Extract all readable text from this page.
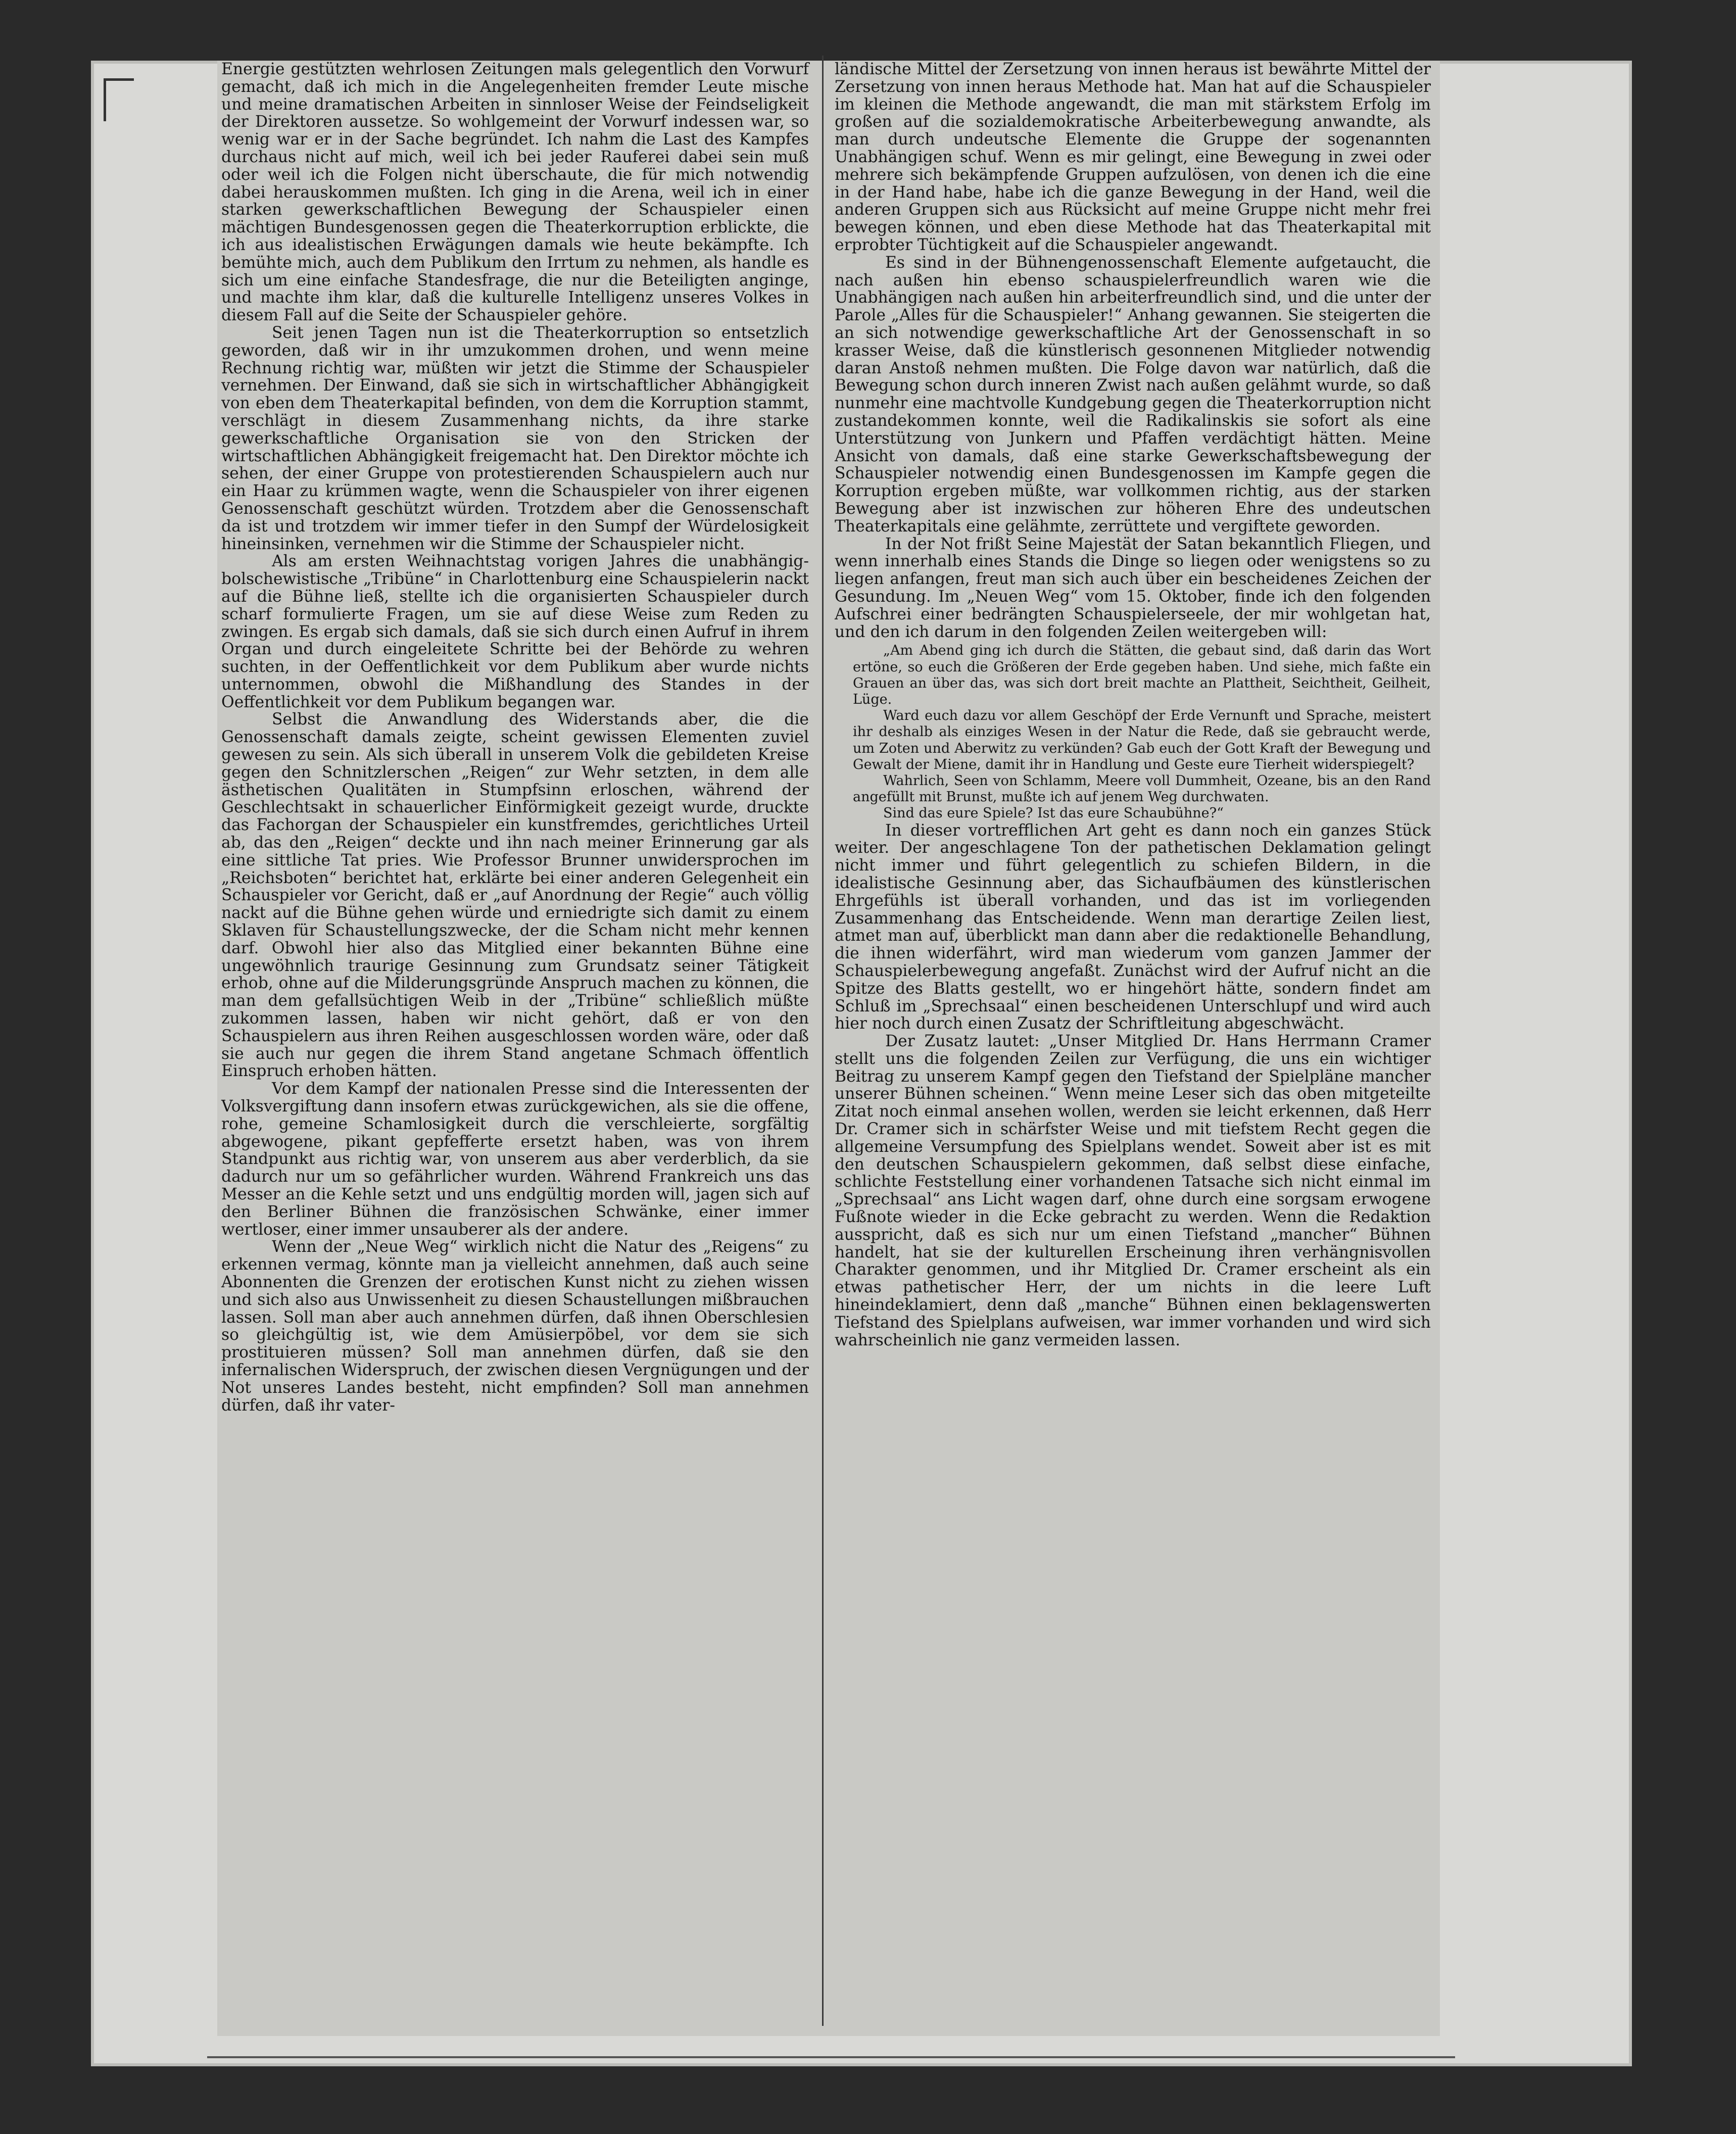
Energie gestützten wehrlosen Zeitungen mals gelegentlich den Vorwurf gemacht, daß ich mich in die Angelegenheiten fremder Leute mische und meine dramatischen Arbeiten in sinnloser Weise der Feindseligkeit der Direktoren aussetze. So wohlgemeint der Vorwurf indessen war, so wenig war er in der Sache begründet. Ich nahm die Last des Kampfes durchaus nicht auf mich, weil ich bei jeder Rauferei dabei sein muß oder weil ich die Folgen nicht überschaute, die für mich notwendig dabei herauskommen mußten. Ich ging in die Arena, weil ich in einer starken gewerkschaftlichen Bewegung der Schauspieler einen mächtigen Bundesgenossen gegen die Theaterkorruption erblickte, die ich aus idealistischen Erwägungen damals wie heute bekämpfte. Ich bemühte mich, auch dem Publikum den Irrtum zu nehmen, als handle es sich um eine einfache Standesfrage, die nur die Beteiligten anginge, und machte ihm klar, daß die kulturelle Intelligenz unseres Volkes in diesem Fall auf die Seite der Schauspieler gehöre.

Seit jenen Tagen nun ist die Theaterkorruption so entsetzlich geworden, daß wir in ihr umzukommen drohen, und wenn meine Rechnung richtig war, müßten wir jetzt die Stimme der Schauspieler vernehmen. Der Einwand, daß sie sich in wirtschaftlicher Abhängigkeit von eben dem Theaterkapital befinden, von dem die Korruption stammt, verschlägt in diesem Zusammenhang nichts, da ihre starke gewerkschaftliche Organisation sie von den Stricken der wirtschaftlichen Abhängigkeit freigemacht hat. Den Direktor möchte ich sehen, der einer Gruppe von protestierenden Schauspielern auch nur ein Haar zu krümmen wagte, wenn die Schauspieler von ihrer eigenen Genossenschaft geschützt würden. Trotzdem aber die Genossenschaft da ist und trotzdem wir immer tiefer in den Sumpf der Würdelosigkeit hineinsinken, vernehmen wir die Stimme der Schauspieler nicht.

Als am ersten Weihnachtstag vorigen Jahres die unabhängig-bolschewistische „Tribüne“ in Charlottenburg eine Schauspielerin nackt auf die Bühne ließ, stellte ich die organisierten Schauspieler durch scharf formulierte Fragen, um sie auf diese Weise zum Reden zu zwingen. Es ergab sich damals, daß sie sich durch einen Aufruf in ihrem Organ und durch eingeleitete Schritte bei der Behörde zu wehren suchten, in der Oeffentlichkeit vor dem Publikum aber wurde nichts unternommen, obwohl die Mißhandlung des Standes in der Oeffentlichkeit vor dem Publikum begangen war.

Selbst die Anwandlung des Widerstands aber, die die Genossenschaft damals zeigte, scheint gewissen Elementen zuviel gewesen zu sein. Als sich überall in unserem Volk die gebildeten Kreise gegen den Schnitzlerschen „Reigen“ zur Wehr setzten, in dem alle ästhetischen Qualitäten in Stumpfsinn erloschen, während der Geschlechtsakt in schauerlicher Einförmigkeit gezeigt wurde, druckte das Fachorgan der Schauspieler ein kunstfremdes, gerichtliches Urteil ab, das den „Reigen“ deckte und ihn nach meiner Erinnerung gar als eine sittliche Tat pries. Wie Professor Brunner unwidersprochen im „Reichsboten“ berichtet hat, erklärte bei einer anderen Gelegenheit ein Schauspieler vor Gericht, daß er „auf Anordnung der Regie“ auch völlig nackt auf die Bühne gehen würde und erniedrigte sich damit zu einem Sklaven für Schaustellungszwecke, der die Scham nicht mehr kennen darf. Obwohl hier also das Mitglied einer bekannten Bühne eine ungewöhnlich traurige Gesinnung zum Grundsatz seiner Tätigkeit erhob, ohne auf die Milderungsgründe Anspruch machen zu können, die man dem gefallsüchtigen Weib in der „Tribüne“ schließlich müßte zukommen lassen, haben wir nicht gehört, daß er von den Schauspielern aus ihren Reihen ausgeschlossen worden wäre, oder daß sie auch nur gegen die ihrem Stand angetane Schmach öffentlich Einspruch erhoben hätten.

Vor dem Kampf der nationalen Presse sind die Interessenten der Volksvergiftung dann insofern etwas zurückgewichen, als sie die offene, rohe, gemeine Schamlosigkeit durch die verschleierte, sorgfältig abgewogene, pikant gepfefferte ersetzt haben, was von ihrem Standpunkt aus richtig war, von unserem aus aber verderblich, da sie dadurch nur um so gefährlicher wurden. Während Frankreich uns das Messer an die Kehle setzt und uns endgültig morden will, jagen sich auf den Berliner Bühnen die französischen Schwänke, einer immer wertloser, einer immer unsauberer als der andere.

Wenn der „Neue Weg“ wirklich nicht die Natur des „Reigens“ zu erkennen vermag, könnte man ja vielleicht annehmen, daß auch seine Abonnenten die Grenzen der erotischen Kunst nicht zu ziehen wissen und sich also aus Unwissenheit zu diesen Schaustellungen mißbrauchen lassen. Soll man aber auch annehmen dürfen, daß ihnen Oberschlesien so gleichgültig ist, wie dem Amüsierpöbel, vor dem sie sich prostituieren müssen? Soll man annehmen dürfen, daß sie den infernalischen Widerspruch, der zwischen diesen Vergnügungen und der Not unseres Landes besteht, nicht empfinden? Soll man annehmen dürfen, daß ihr vater-

ländische Mittel der Zersetzung von innen heraus ist bewährte Mittel der Zersetzung von innen heraus Methode hat. Man hat auf die Schauspieler im kleinen die Methode angewandt, die man mit stärkstem Erfolg im großen auf die sozialdemokratische Arbeiterbewegung anwandte, als man durch undeutsche Elemente die Gruppe der sogenannten Unabhängigen schuf. Wenn es mir gelingt, eine Bewegung in zwei oder mehrere sich bekämpfende Gruppen aufzulösen, von denen ich die eine in der Hand habe, habe ich die ganze Bewegung in der Hand, weil die anderen Gruppen sich aus Rücksicht auf meine Gruppe nicht mehr frei bewegen können, und eben diese Methode hat das Theaterkapital mit erprobter Tüchtigkeit auf die Schauspieler angewandt.

Es sind in der Bühnengenossenschaft Elemente aufgetaucht, die nach außen hin ebenso schauspielerfreundlich waren wie die Unabhängigen nach außen hin arbeiterfreundlich sind, und die unter der Parole „Alles für die Schauspieler!“ Anhang gewannen. Sie steigerten die an sich notwendige gewerkschaftliche Art der Genossenschaft in so krasser Weise, daß die künstlerisch gesonnenen Mitglieder notwendig daran Anstoß nehmen mußten. Die Folge davon war natürlich, daß die Bewegung schon durch inneren Zwist nach außen gelähmt wurde, so daß nunmehr eine machtvolle Kundgebung gegen die Theaterkorruption nicht zustandekommen konnte, weil die Radikalinskis sie sofort als eine Unterstützung von Junkern und Pfaffen verdächtigt hätten. Meine Ansicht von damals, daß eine starke Gewerkschaftsbewegung der Schauspieler notwendig einen Bundesgenossen im Kampfe gegen die Korruption ergeben müßte, war vollkommen richtig, aus der starken Bewegung aber ist inzwischen zur höheren Ehre des undeutschen Theaterkapitals eine gelähmte, zerrüttete und vergiftete geworden.

In der Not frißt Seine Majestät der Satan bekanntlich Fliegen, und wenn innerhalb eines Stands die Dinge so liegen oder wenigstens so zu liegen anfangen, freut man sich auch über ein bescheidenes Zeichen der Gesundung. Im „Neuen Weg“ vom 15. Oktober, finde ich den folgenden Aufschrei einer bedrängten Schauspielerseele, der mir wohlgetan hat, und den ich darum in den folgenden Zeilen weitergeben will:

„Am Abend ging ich durch die Stätten, die gebaut sind, daß darin das Wort ertöne, so euch die Größeren der Erde gegeben haben. Und siehe, mich faßte ein Grauen an über das, was sich dort breit machte an Plattheit, Seichtheit, Geilheit, Lüge.

Ward euch dazu vor allem Geschöpf der Erde Vernunft und Sprache, meistert ihr deshalb als einziges Wesen in der Natur die Rede, daß sie gebraucht werde, um Zoten und Aberwitz zu verkünden? Gab euch der Gott Kraft der Bewegung und Gewalt der Miene, damit ihr in Handlung und Geste eure Tierheit widerspiegelt?

Wahrlich, Seen von Schlamm, Meere voll Dummheit, Ozeane, bis an den Rand angefüllt mit Brunst, mußte ich auf jenem Weg durchwaten.

Sind das eure Spiele? Ist das eure Schaubühne?“

In dieser vortrefflichen Art geht es dann noch ein ganzes Stück weiter. Der angeschlagene Ton der pathetischen Deklamation gelingt nicht immer und führt gelegentlich zu schiefen Bildern, in die idealistische Gesinnung aber, das Sichaufbäumen des künstlerischen Ehrgefühls ist überall vorhanden, und das ist im vorliegenden Zusammenhang das Entscheidende. Wenn man derartige Zeilen liest, atmet man auf, überblickt man dann aber die redaktionelle Behandlung, die ihnen widerfährt, wird man wiederum vom ganzen Jammer der Schauspielerbewegung angefaßt. Zunächst wird der Aufruf nicht an die Spitze des Blatts gestellt, wo er hingehört hätte, sondern findet am Schluß im „Sprechsaal“ einen bescheidenen Unterschlupf und wird auch hier noch durch einen Zusatz der Schriftleitung abgeschwächt.

Der Zusatz lautet: „Unser Mitglied Dr. Hans Herrmann Cramer stellt uns die folgenden Zeilen zur Verfügung, die uns ein wichtiger Beitrag zu unserem Kampf gegen den Tiefstand der Spielpläne mancher unserer Bühnen scheinen.“ Wenn meine Leser sich das oben mitgeteilte Zitat noch einmal ansehen wollen, werden sie leicht erkennen, daß Herr Dr. Cramer sich in schärfster Weise und mit tiefstem Recht gegen die allgemeine Versumpfung des Spielplans wendet. Soweit aber ist es mit den deutschen Schauspielern gekommen, daß selbst diese einfache, schlichte Feststellung einer vorhandenen Tatsache sich nicht einmal im „Sprechsaal“ ans Licht wagen darf, ohne durch eine sorgsam erwogene Fußnote wieder in die Ecke gebracht zu werden. Wenn die Redaktion ausspricht, daß es sich nur um einen Tiefstand „mancher“ Bühnen handelt, hat sie der kulturellen Erscheinung ihren verhängnisvollen Charakter genommen, und ihr Mitglied Dr. Cramer erscheint als ein etwas pathetischer Herr, der um nichts in die leere Luft hineindeklamiert, denn daß „manche“ Bühnen einen beklagenswerten Tiefstand des Spielplans aufweisen, war immer vorhanden und wird sich wahrscheinlich nie ganz vermeiden lassen.
